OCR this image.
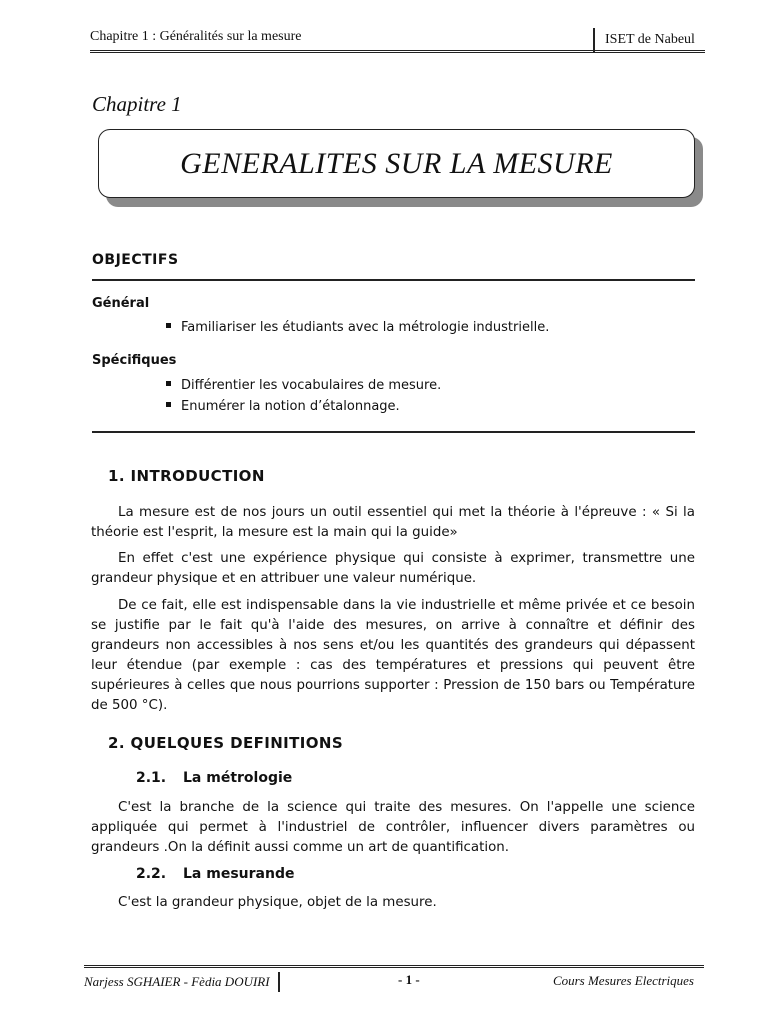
Chapitre 1 : Généralités sur la mesure	ISET de Nabeul
Chapitre 1
GENERALITES SUR LA MESURE
OBJECTIFS
Général
Familiariser les étudiants avec la métrologie industrielle.
Spécifiques
Différentier les vocabulaires de mesure.
Enumérer la notion d’étalonnage.
1. INTRODUCTION
La mesure est de nos jours un outil essentiel qui met la théorie à l'épreuve : « Si la théorie est l'esprit, la mesure est la main qui la guide»
En effet c'est une expérience physique qui consiste à exprimer, transmettre une grandeur physique et en attribuer une valeur numérique.
De ce fait, elle est indispensable dans la vie industrielle et même privée et ce besoin se justifie par le fait qu'à l'aide des mesures, on arrive à connaître et définir des grandeurs non accessibles à nos sens et/ou les quantités des grandeurs qui dépassent leur étendue (par exemple : cas des températures et pressions qui peuvent être supérieures à celles que nous pourrions supporter : Pression de 150 bars ou Température de 500 °C).
2. QUELQUES DEFINITIONS
2.1. La métrologie
C'est la branche de la science qui traite des mesures. On l'appelle une science appliquée qui permet à l'industriel de contrôler, influencer divers paramètres ou grandeurs .On la définit aussi comme un art de quantification.
2.2. La mesurande
C'est la grandeur physique, objet de la mesure.
Narjess SGHAIER - Fèdia DOUIRI	- 1 -	Cours Mesures Electriques
